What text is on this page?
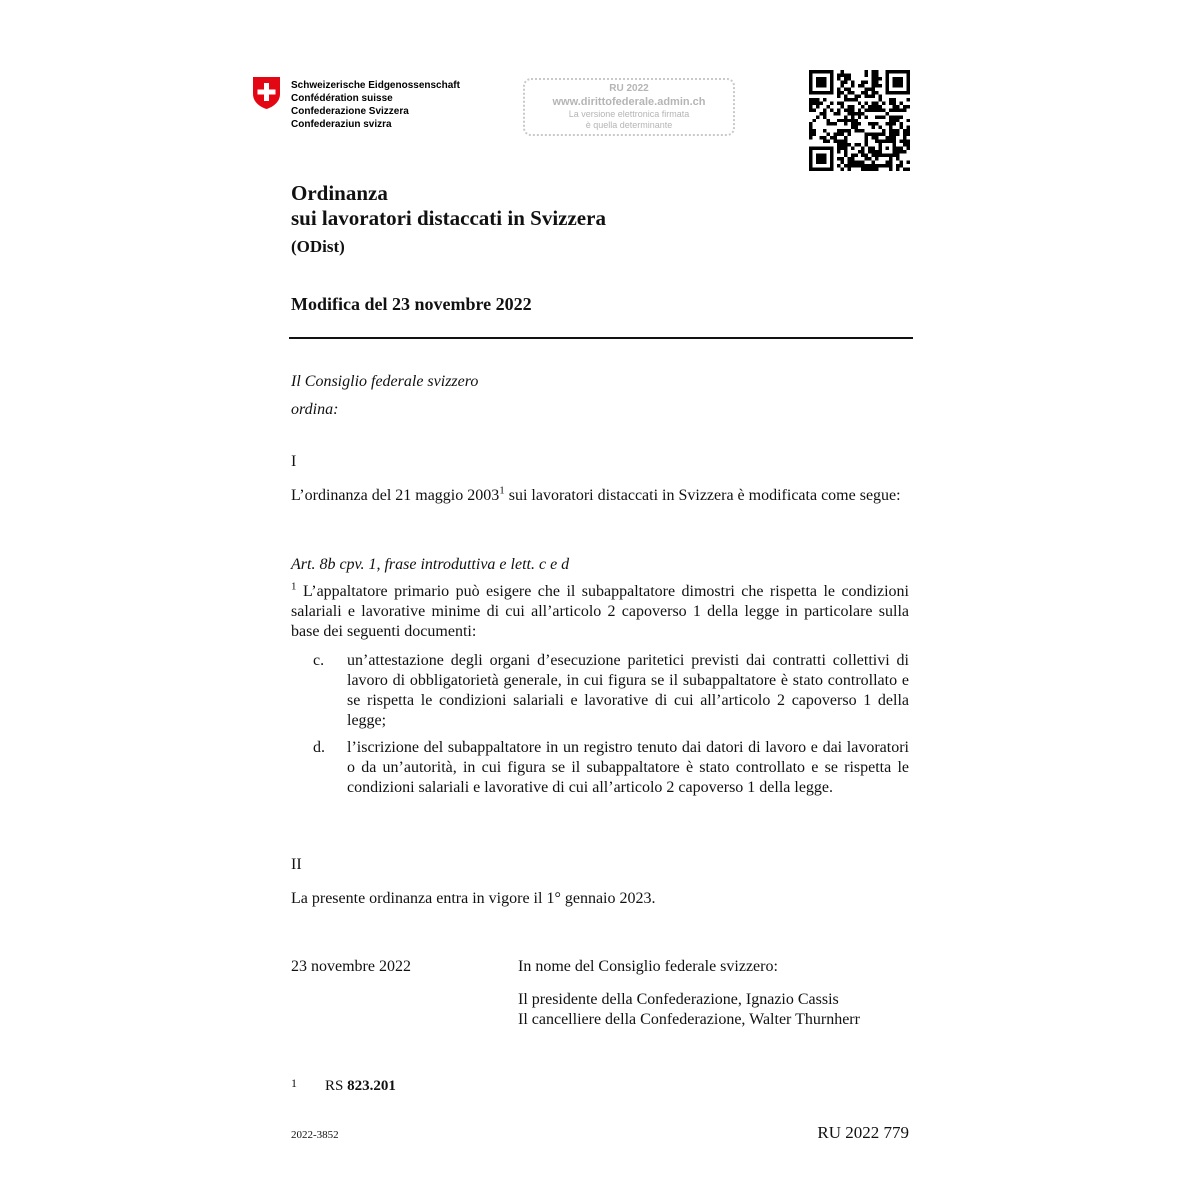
Schweizerische Eidgenossenschaft
Confédération suisse
Confederazione Svizzera
Confederaziun svizra
RU 2022
www.dirittofederale.admin.ch
La versione elettronica firmata
è quella determinante
Ordinanza
sui lavoratori distaccati in Svizzera
(ODist)
Modifica del 23 novembre 2022
Il Consiglio federale svizzero
ordina:
I
L’ordinanza del 21 maggio 2003$^1$ sui lavoratori distaccati in Svizzera è modificata come segue:
Art. 8b cpv. 1, frase introduttiva e lett. c e d
$^1$ L’appaltatore primario può esigere che il subappaltatore dimostri che rispetta le condizioni salariali e lavorative minime di cui all’articolo 2 capoverso 1 della legge in particolare sulla base dei seguenti documenti:
c. un’attestazione degli organi d’esecuzione paritetici previsti dai contratti collettivi di lavoro di obbligatorietà generale, in cui figura se il subappaltatore è stato controllato e se rispetta le condizioni salariali e lavorative di cui all’articolo 2 capoverso 1 della legge;
d. l’iscrizione del subappaltatore in un registro tenuto dai datori di lavoro e dai lavoratori o da un’autorità, in cui figura se il subappaltatore è stato controllato e se rispetta le condizioni salariali e lavorative di cui all’articolo 2 capoverso 1 della legge.
II
La presente ordinanza entra in vigore il 1° gennaio 2023.
23 novembre 2022	In nome del Consiglio federale svizzero:
Il presidente della Confederazione, Ignazio Cassis
Il cancelliere della Confederazione, Walter Thurnherr
1 RS 823.201
2022-3852	RU 2022 779
